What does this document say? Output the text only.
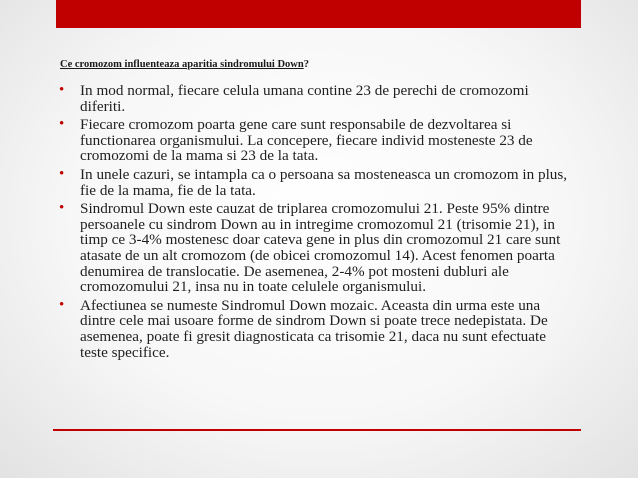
Ce cromozom influenteaza aparitia sindromului Down?
• In mod normal, fiecare celula umana contine 23 de perechi de cromozomi diferiti.
• Fiecare cromozom poarta gene care sunt responsabile de dezvoltarea si functionarea organismului. La concepere, fiecare individ mosteneste 23 de cromozomi de la mama si 23 de la tata.
• In unele cazuri, se intampla ca o persoana sa mosteneasca un cromozom in plus, fie de la mama, fie de la tata.
• Sindromul Down este cauzat de triplarea cromozomului 21. Peste 95% dintre persoanele cu sindrom Down au in intregime cromozomul 21 (trisomie 21), in timp ce 3-4% mostenesc doar cateva gene in plus din cromozomul 21 care sunt atasate de un alt cromozom (de obicei cromozomul 14). Acest fenomen poarta denumirea de translocatie. De asemenea, 2-4% pot mosteni dubluri ale cromozomului 21, insa nu in toate celulele organismului.
• Afectiunea se numeste Sindromul Down mozaic. Aceasta din urma este una dintre cele mai usoare forme de sindrom Down si poate trece nedepistata. De asemenea, poate fi gresit diagnosticata ca trisomie 21, daca nu sunt efectuate teste specifice.
